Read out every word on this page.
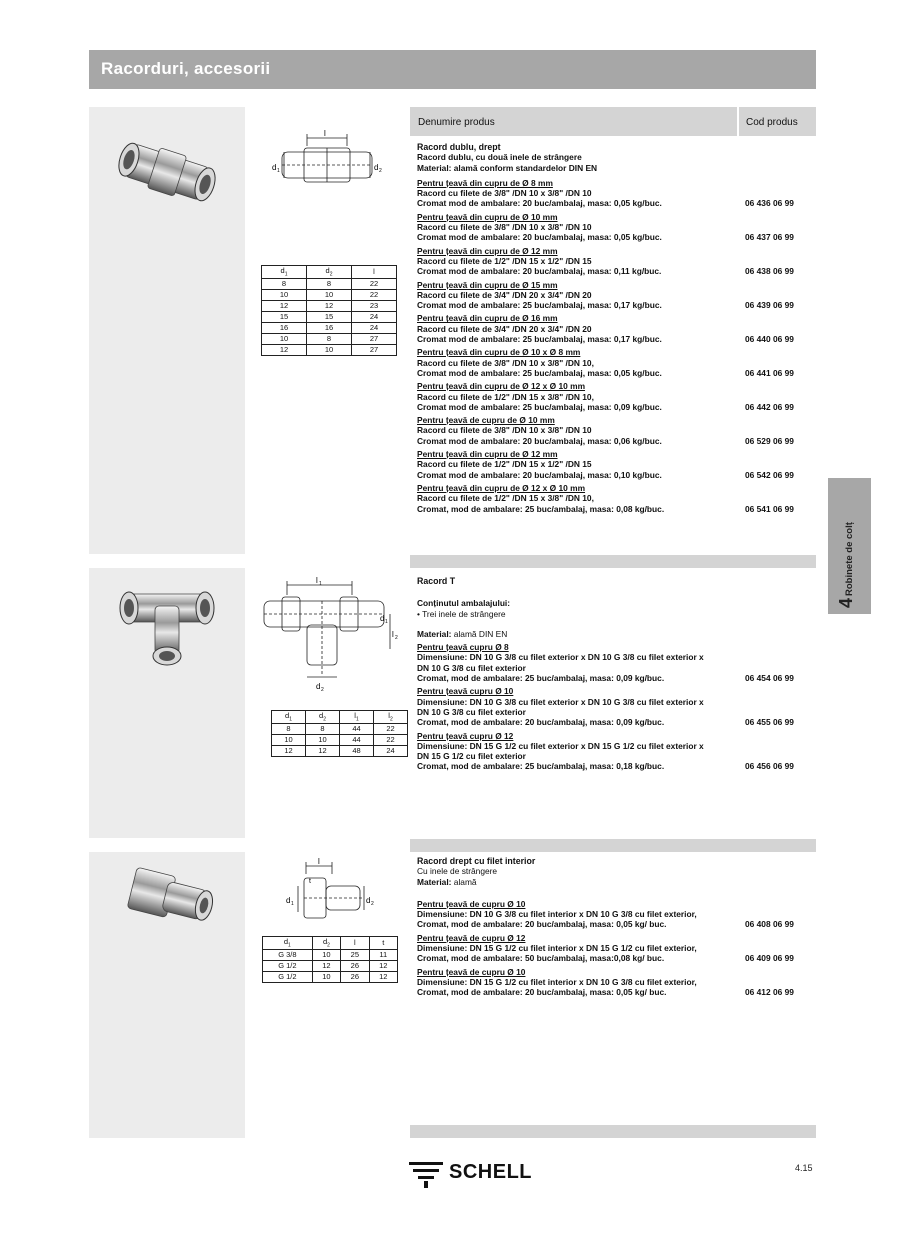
Racorduri, accesorii
l
d 1	d 2
l 1
d 1
l 2
d 2
l
t
d 1	d 2
$d_1$	$d_2$	l
8	8	22
10	10	22
12	12	23
15	15	24
16	16	24
10	8	27
12	10	27
$d_1$	$d_2$	$l_1$	$l_2$
8	8	44	22
10	10	44	22
12	12	48	24
$d_1$	$d_2$	l	t
G 3/8	10	25	11
G 1/2	12	26	12
G 1/2	10	26	12
Denumire produs	Cod produs
Racord dublu, drept
Racord dublu, cu două inele de strângere
Material: alamă conform standardelor DIN EN
Pentru țeavă din cupru de Ø 8 mm
Racord cu filete de 3/8" /DN 10 x 3/8" /DN 10
Cromat mod de ambalare: 20 buc/ambalaj, masa: 0,05 kg/buc.	06 436 06 99
Pentru țeavă din cupru de Ø 10 mm
Racord cu filete de 3/8" /DN 10 x 3/8" /DN 10
Cromat mod de ambalare: 20 buc/ambalaj, masa: 0,05 kg/buc.	06 437 06 99
Pentru țeavă din cupru de Ø 12 mm
Racord cu filete de 1/2" /DN 15 x 1/2" /DN 15
Cromat mod de ambalare: 20 buc/ambalaj, masa: 0,11 kg/buc.	06 438 06 99
Pentru țeavă din cupru de Ø 15 mm
Racord cu filete de 3/4" /DN 20 x 3/4" /DN 20
Cromat mod de ambalare: 25 buc/ambalaj, masa: 0,17 kg/buc.	06 439 06 99
Pentru țeavă din cupru de Ø 16 mm
Racord cu filete de 3/4" /DN 20 x 3/4" /DN 20
Cromat mod de ambalare: 25 buc/ambalaj, masa: 0,17 kg/buc.	06 440 06 99
Pentru țeavă din cupru de Ø 10 x Ø 8 mm
Racord cu filete de 3/8" /DN 10 x 3/8" /DN 10,
Cromat mod de ambalare: 25 buc/ambalaj, masa: 0,05 kg/buc.	06 441 06 99
Pentru țeavă din cupru de Ø 12 x Ø 10 mm
Racord cu filete de 1/2" /DN 15 x 3/8" /DN 10,
Cromat mod de ambalare: 25 buc/ambalaj, masa: 0,09 kg/buc.	06 442 06 99
Pentru țeavă de cupru de Ø 10 mm
Racord cu filete de 3/8" /DN 10 x 3/8" /DN 10
Cromat mod de ambalare: 20 buc/ambalaj, masa: 0,06 kg/buc.	06 529 06 99
Pentru țeavă din cupru de Ø 12 mm
Racord cu filete de 1/2" /DN 15 x 1/2" /DN 15
Cromat mod de ambalare: 20 buc/ambalaj, masa: 0,10 kg/buc.	06 542 06 99
Pentru țeavă din cupru de Ø 12 x Ø 10 mm
Racord cu filete de 1/2" /DN 15 x 3/8" /DN 10,
Cromat, mod de ambalare: 25 buc/ambalaj, masa: 0,08 kg/buc.	06 541 06 99
Racord T
Conținutul ambalajului:
• Trei inele de strângere
Material: alamă DIN EN
Pentru țeavă cupru Ø 8
Dimensiune: DN 10 G 3/8 cu filet exterior x DN 10 G 3/8 cu filet exterior x
DN 10 G 3/8 cu filet exterior
Cromat, mod de ambalare: 25 buc/ambalaj, masa: 0,09 kg/buc.	06 454 06 99
Pentru țeavă cupru Ø 10
Dimensiune: DN 10 G 3/8 cu filet exterior x DN 10 G 3/8 cu filet exterior x
DN 10 G 3/8 cu filet exterior
Cromat, mod de ambalare: 20 buc/ambalaj, masa: 0,09 kg/buc.	06 455 06 99
Pentru țeavă cupru Ø 12
Dimensiune: DN 15 G 1/2 cu filet exterior x DN 15 G 1/2 cu filet exterior x
DN 15 G 1/2 cu filet exterior
Cromat, mod de ambalare: 25 buc/ambalaj, masa: 0,18 kg/buc.	06 456 06 99
Racord drept cu filet interior
Cu inele de strângere
Material: alamă
Pentru țeavă de cupru Ø 10
Dimensiune: DN 10 G 3/8 cu filet interior x DN 10 G 3/8 cu filet exterior,
Cromat, mod de ambalare: 20 buc/ambalaj, masa: 0,05 kg/ buc.	06 408 06 99
Pentru țeavă de cupru Ø 12
Dimensiune: DN 15 G 1/2 cu filet interior x DN 15 G 1/2 cu filet exterior,
Cromat, mod de ambalare: 50 buc/ambalaj, masa:0,08 kg/ buc.	06 409 06 99
Pentru țeavă de cupru Ø 10
Dimensiune: DN 15 G 1/2 cu filet interior x DN 10 G 3/8 cu filet exterior,
Cromat, mod de ambalare: 20 buc/ambalaj, masa: 0,05 kg/ buc.	06 412 06 99
4Robinete de colț
SCHELL	4.15
